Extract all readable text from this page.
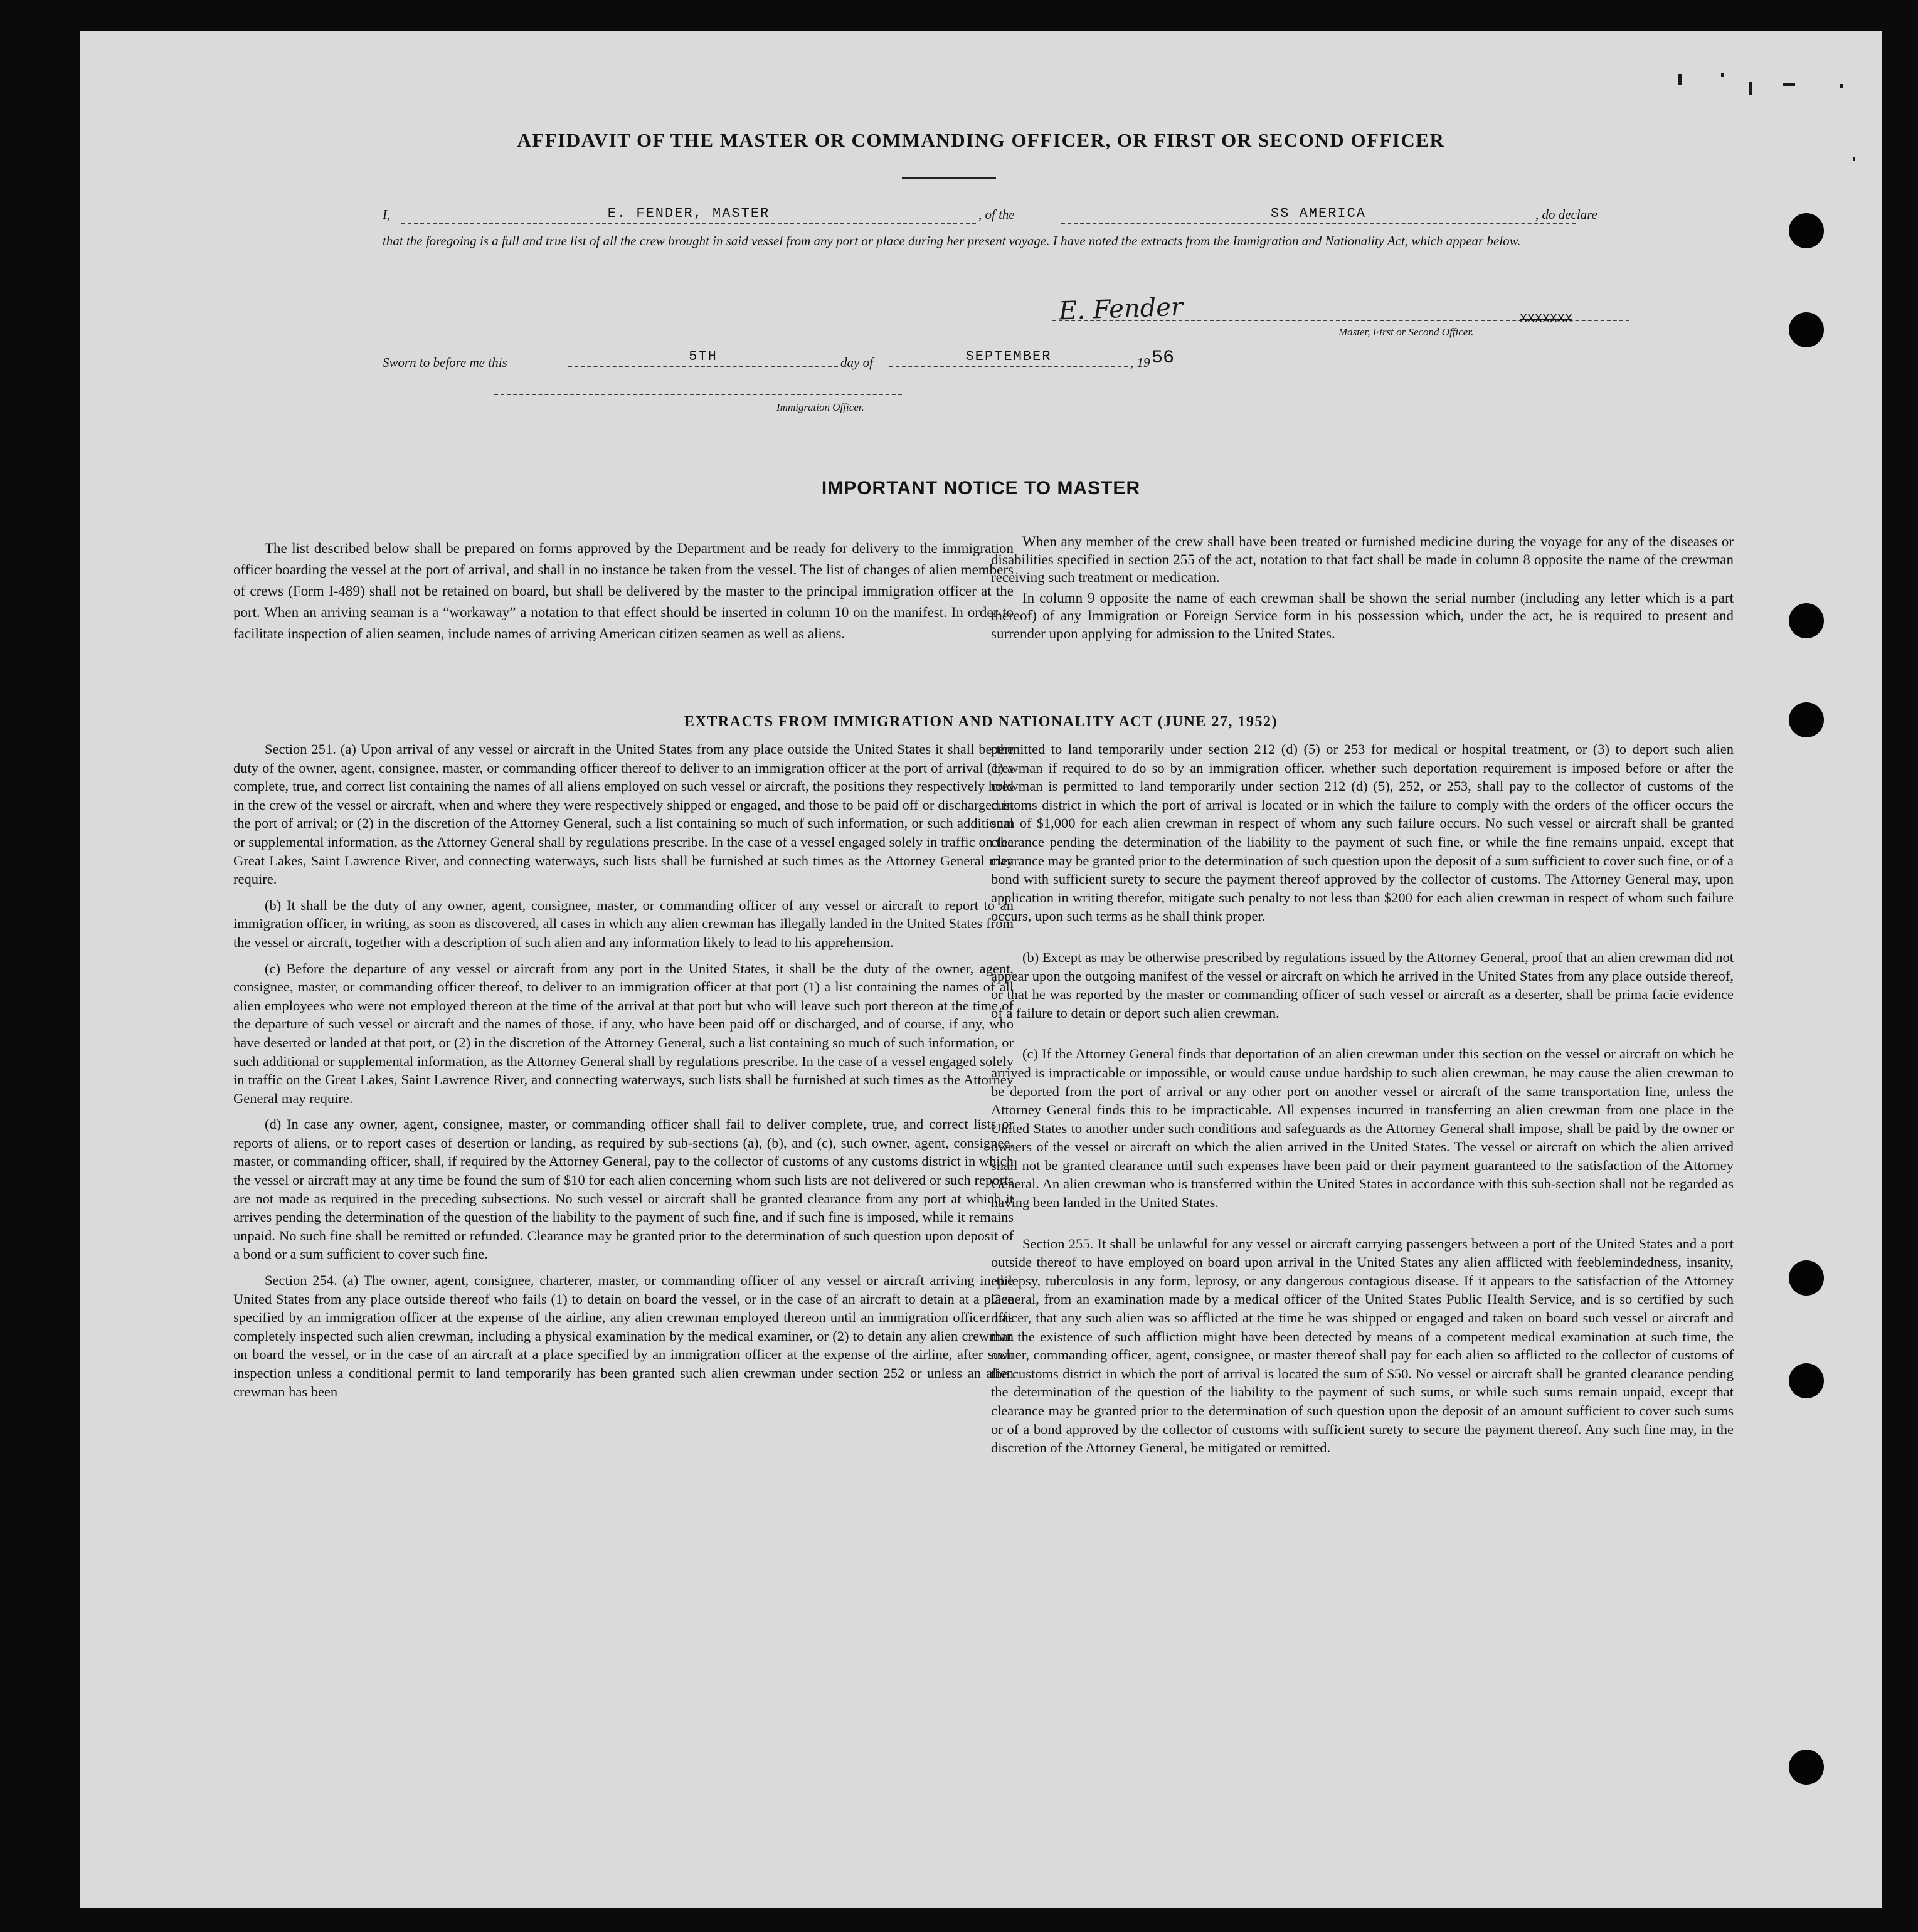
AFFIDAVIT OF THE MASTER OR COMMANDING OFFICER, OR FIRST OR SECOND OFFICER
I,	E. FENDER, MASTER	, of the	SS AMERICA	, do declare
that the foregoing is a full and true list of all the crew brought in said vessel from any port or place during her present voyage. I have noted the extracts from the Immigration and Nationality Act, which appear below.
E. Fender	XXXXXXX
Master, First or Second Officer.
Sworn to before me this	5TH	day of	SEPTEMBER	, 19 56
Immigration Officer.
IMPORTANT NOTICE TO MASTER

The list described below shall be prepared on forms approved by the Department and be ready for delivery to the immigration officer boarding the vessel at the port of arrival, and shall in no instance be taken from the vessel. The list of changes of alien members of crews (Form I-489) shall not be retained on board, but shall be delivered by the master to the principal immigration officer at the port. When an arriving seaman is a “workaway” a notation to that effect should be inserted in column 10 on the manifest. In order to facilitate inspection of alien seamen, include names of arriving American citizen seamen as well as aliens.

When any member of the crew shall have been treated or furnished medicine during the voyage for any of the diseases or disabilities specified in section 255 of the act, notation to that fact shall be made in column 8 opposite the name of the crewman receiving such treatment or medication.

In column 9 opposite the name of each crewman shall be shown the serial number (including any letter which is a part thereof) of any Immigration or Foreign Service form in his possession which, under the act, he is required to present and surrender upon applying for admission to the United States.

EXTRACTS FROM IMMIGRATION AND NATIONALITY ACT (JUNE 27, 1952)

Section 251. (a) Upon arrival of any vessel or aircraft in the United States from any place outside the United States it shall be the duty of the owner, agent, consignee, master, or commanding officer thereof to deliver to an immigration officer at the port of arrival (1) a complete, true, and correct list containing the names of all aliens employed on such vessel or aircraft, the positions they respectively hold in the crew of the vessel or aircraft, when and where they were respectively shipped or engaged, and those to be paid off or discharged in the port of arrival; or (2) in the discretion of the Attorney General, such a list containing so much of such information, or such additional or supplemental information, as the Attorney General shall by regulations prescribe. In the case of a vessel engaged solely in traffic on the Great Lakes, Saint Lawrence River, and connecting waterways, such lists shall be furnished at such times as the Attorney General may require.

(b) It shall be the duty of any owner, agent, consignee, master, or commanding officer of any vessel or aircraft to report to an immigration officer, in writing, as soon as discovered, all cases in which any alien crewman has illegally landed in the United States from the vessel or aircraft, together with a description of such alien and any information likely to lead to his apprehension.

(c) Before the departure of any vessel or aircraft from any port in the United States, it shall be the duty of the owner, agent, consignee, master, or commanding officer thereof, to deliver to an immigration officer at that port (1) a list containing the names of all alien employees who were not employed thereon at the time of the arrival at that port but who will leave such port thereon at the time of the departure of such vessel or aircraft and the names of those, if any, who have been paid off or discharged, and of course, if any, who have deserted or landed at that port, or (2) in the discretion of the Attorney General, such a list containing so much of such information, or such additional or supplemental information, as the Attorney General shall by regulations prescribe. In the case of a vessel engaged solely in traffic on the Great Lakes, Saint Lawrence River, and connecting waterways, such lists shall be furnished at such times as the Attorney General may require.

(d) In case any owner, agent, consignee, master, or commanding officer shall fail to deliver complete, true, and correct lists or reports of aliens, or to report cases of desertion or landing, as required by sub-sections (a), (b), and (c), such owner, agent, consignee, master, or commanding officer, shall, if required by the Attorney General, pay to the collector of customs of any customs district in which the vessel or aircraft may at any time be found the sum of $10 for each alien concerning whom such lists are not delivered or such reports are not made as required in the preceding subsections. No such vessel or aircraft shall be granted clearance from any port at which it arrives pending the determination of the question of the liability to the payment of such fine, and if such fine is imposed, while it remains unpaid. No such fine shall be remitted or refunded. Clearance may be granted prior to the determination of such question upon deposit of a bond or a sum sufficient to cover such fine.

Section 254. (a) The owner, agent, consignee, charterer, master, or commanding officer of any vessel or aircraft arriving in the United States from any place outside thereof who fails (1) to detain on board the vessel, or in the case of an aircraft to detain at a place specified by an immigration officer at the expense of the airline, any alien crewman employed thereon until an immigration officer has completely inspected such alien crewman, including a physical examination by the medical examiner, or (2) to detain any alien crewman on board the vessel, or in the case of an aircraft at a place specified by an immigration officer at the expense of the airline, after such inspection unless a conditional permit to land temporarily has been granted such alien crewman under section 252 or unless an alien crewman has been

permitted to land temporarily under section 212 (d) (5) or 253 for medical or hospital treatment, or (3) to deport such alien crewman if required to do so by an immigration officer, whether such deportation requirement is imposed before or after the crewman is permitted to land temporarily under section 212 (d) (5), 252, or 253, shall pay to the collector of customs of the customs district in which the port of arrival is located or in which the failure to comply with the orders of the officer occurs the sum of $1,000 for each alien crewman in respect of whom any such failure occurs. No such vessel or aircraft shall be granted clearance pending the determination of the liability to the payment of such fine, or while the fine remains unpaid, except that clearance may be granted prior to the determination of such question upon the deposit of a sum sufficient to cover such fine, or of a bond with sufficient surety to secure the payment thereof approved by the collector of customs. The Attorney General may, upon application in writing therefor, mitigate such penalty to not less than $200 for each alien crewman in respect of whom such failure occurs, upon such terms as he shall think proper.

(b) Except as may be otherwise prescribed by regulations issued by the Attorney General, proof that an alien crewman did not appear upon the outgoing manifest of the vessel or aircraft on which he arrived in the United States from any place outside thereof, or that he was reported by the master or commanding officer of such vessel or aircraft as a deserter, shall be prima facie evidence of a failure to detain or deport such alien crewman.

(c) If the Attorney General finds that deportation of an alien crewman under this section on the vessel or aircraft on which he arrived is impracticable or impossible, or would cause undue hardship to such alien crewman, he may cause the alien crewman to be deported from the port of arrival or any other port on another vessel or aircraft of the same transportation line, unless the Attorney General finds this to be impracticable. All expenses incurred in transferring an alien crewman from one place in the United States to another under such conditions and safeguards as the Attorney General shall impose, shall be paid by the owner or owners of the vessel or aircraft on which the alien arrived in the United States. The vessel or aircraft on which the alien arrived shall not be granted clearance until such expenses have been paid or their payment guaranteed to the satisfaction of the Attorney General. An alien crewman who is transferred within the United States in accordance with this sub-section shall not be regarded as having been landed in the United States.

Section 255. It shall be unlawful for any vessel or aircraft carrying passengers between a port of the United States and a port outside thereof to have employed on board upon arrival in the United States any alien afflicted with feeblemindedness, insanity, epilepsy, tuberculosis in any form, leprosy, or any dangerous contagious disease. If it appears to the satisfaction of the Attorney General, from an examination made by a medical officer of the United States Public Health Service, and is so certified by such officer, that any such alien was so afflicted at the time he was shipped or engaged and taken on board such vessel or aircraft and that the existence of such affliction might have been detected by means of a competent medical examination at such time, the owner, commanding officer, agent, consignee, or master thereof shall pay for each alien so afflicted to the collector of customs of the customs district in which the port of arrival is located the sum of $50. No vessel or aircraft shall be granted clearance pending the determination of the question of the liability to the payment of such sums, or while such sums remain unpaid, except that clearance may be granted prior to the determination of such question upon the deposit of an amount sufficient to cover such sums or of a bond approved by the collector of customs with sufficient surety to secure the payment thereof. Any such fine may, in the discretion of the Attorney General, be mitigated or remitted.
